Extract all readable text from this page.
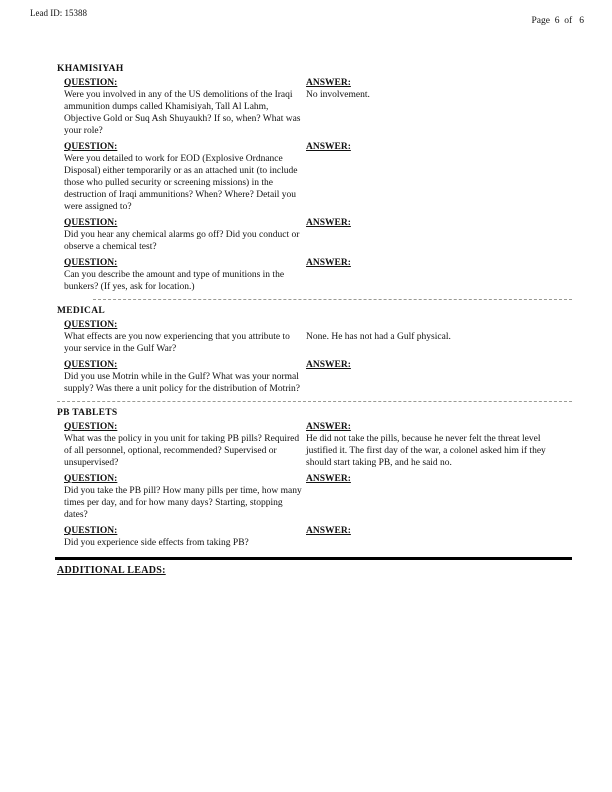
Lead ID: 15388
Page  6  of   6
KHAMISIYAH
QUESTION:
Were you involved in any of the US demolitions of the Iraqi ammunition dumps called Khamisiyah, Tall Al Lahm, Objective Gold or Suq Ash Shuyaukh? If so, when? What was your role?
ANSWER:
No involvement.
QUESTION:
Were you detailed to work for EOD (Explosive Ordnance Disposal) either temporarily or as an attached unit (to include those who pulled security or screening missions) in the destruction of Iraqi ammunitions? When? Where? Detail you were assigned to?
ANSWER:
QUESTION:
Did you hear any chemical alarms go off? Did you conduct or observe a chemical test?
ANSWER:
QUESTION:
Can you describe the amount and type of munitions in the bunkers? (If yes, ask for location.)
ANSWER:
MEDICAL
QUESTION:
What effects are you now experiencing that you attribute to your service in the Gulf War?
None. He has not had a Gulf physical.
QUESTION:
Did you use Motrin while in the Gulf? What was your normal supply? Was there a unit policy for the distribution of Motrin?
ANSWER:
PB TABLETS
QUESTION:
What was the policy in you unit for taking PB pills? Required of all personnel, optional, recommended? Supervised or unsupervised?
ANSWER:
He did not take the pills, because he never felt the threat level justified it. The first day of the war, a colonel asked him if they should start taking PB, and he said no.
QUESTION:
Did you take the PB pill? How many pills per time, how many times per day, and for how many days? Starting, stopping dates?
ANSWER:
QUESTION:
Did you experience side effects from taking PB?
ANSWER:
ADDITIONAL LEADS:
